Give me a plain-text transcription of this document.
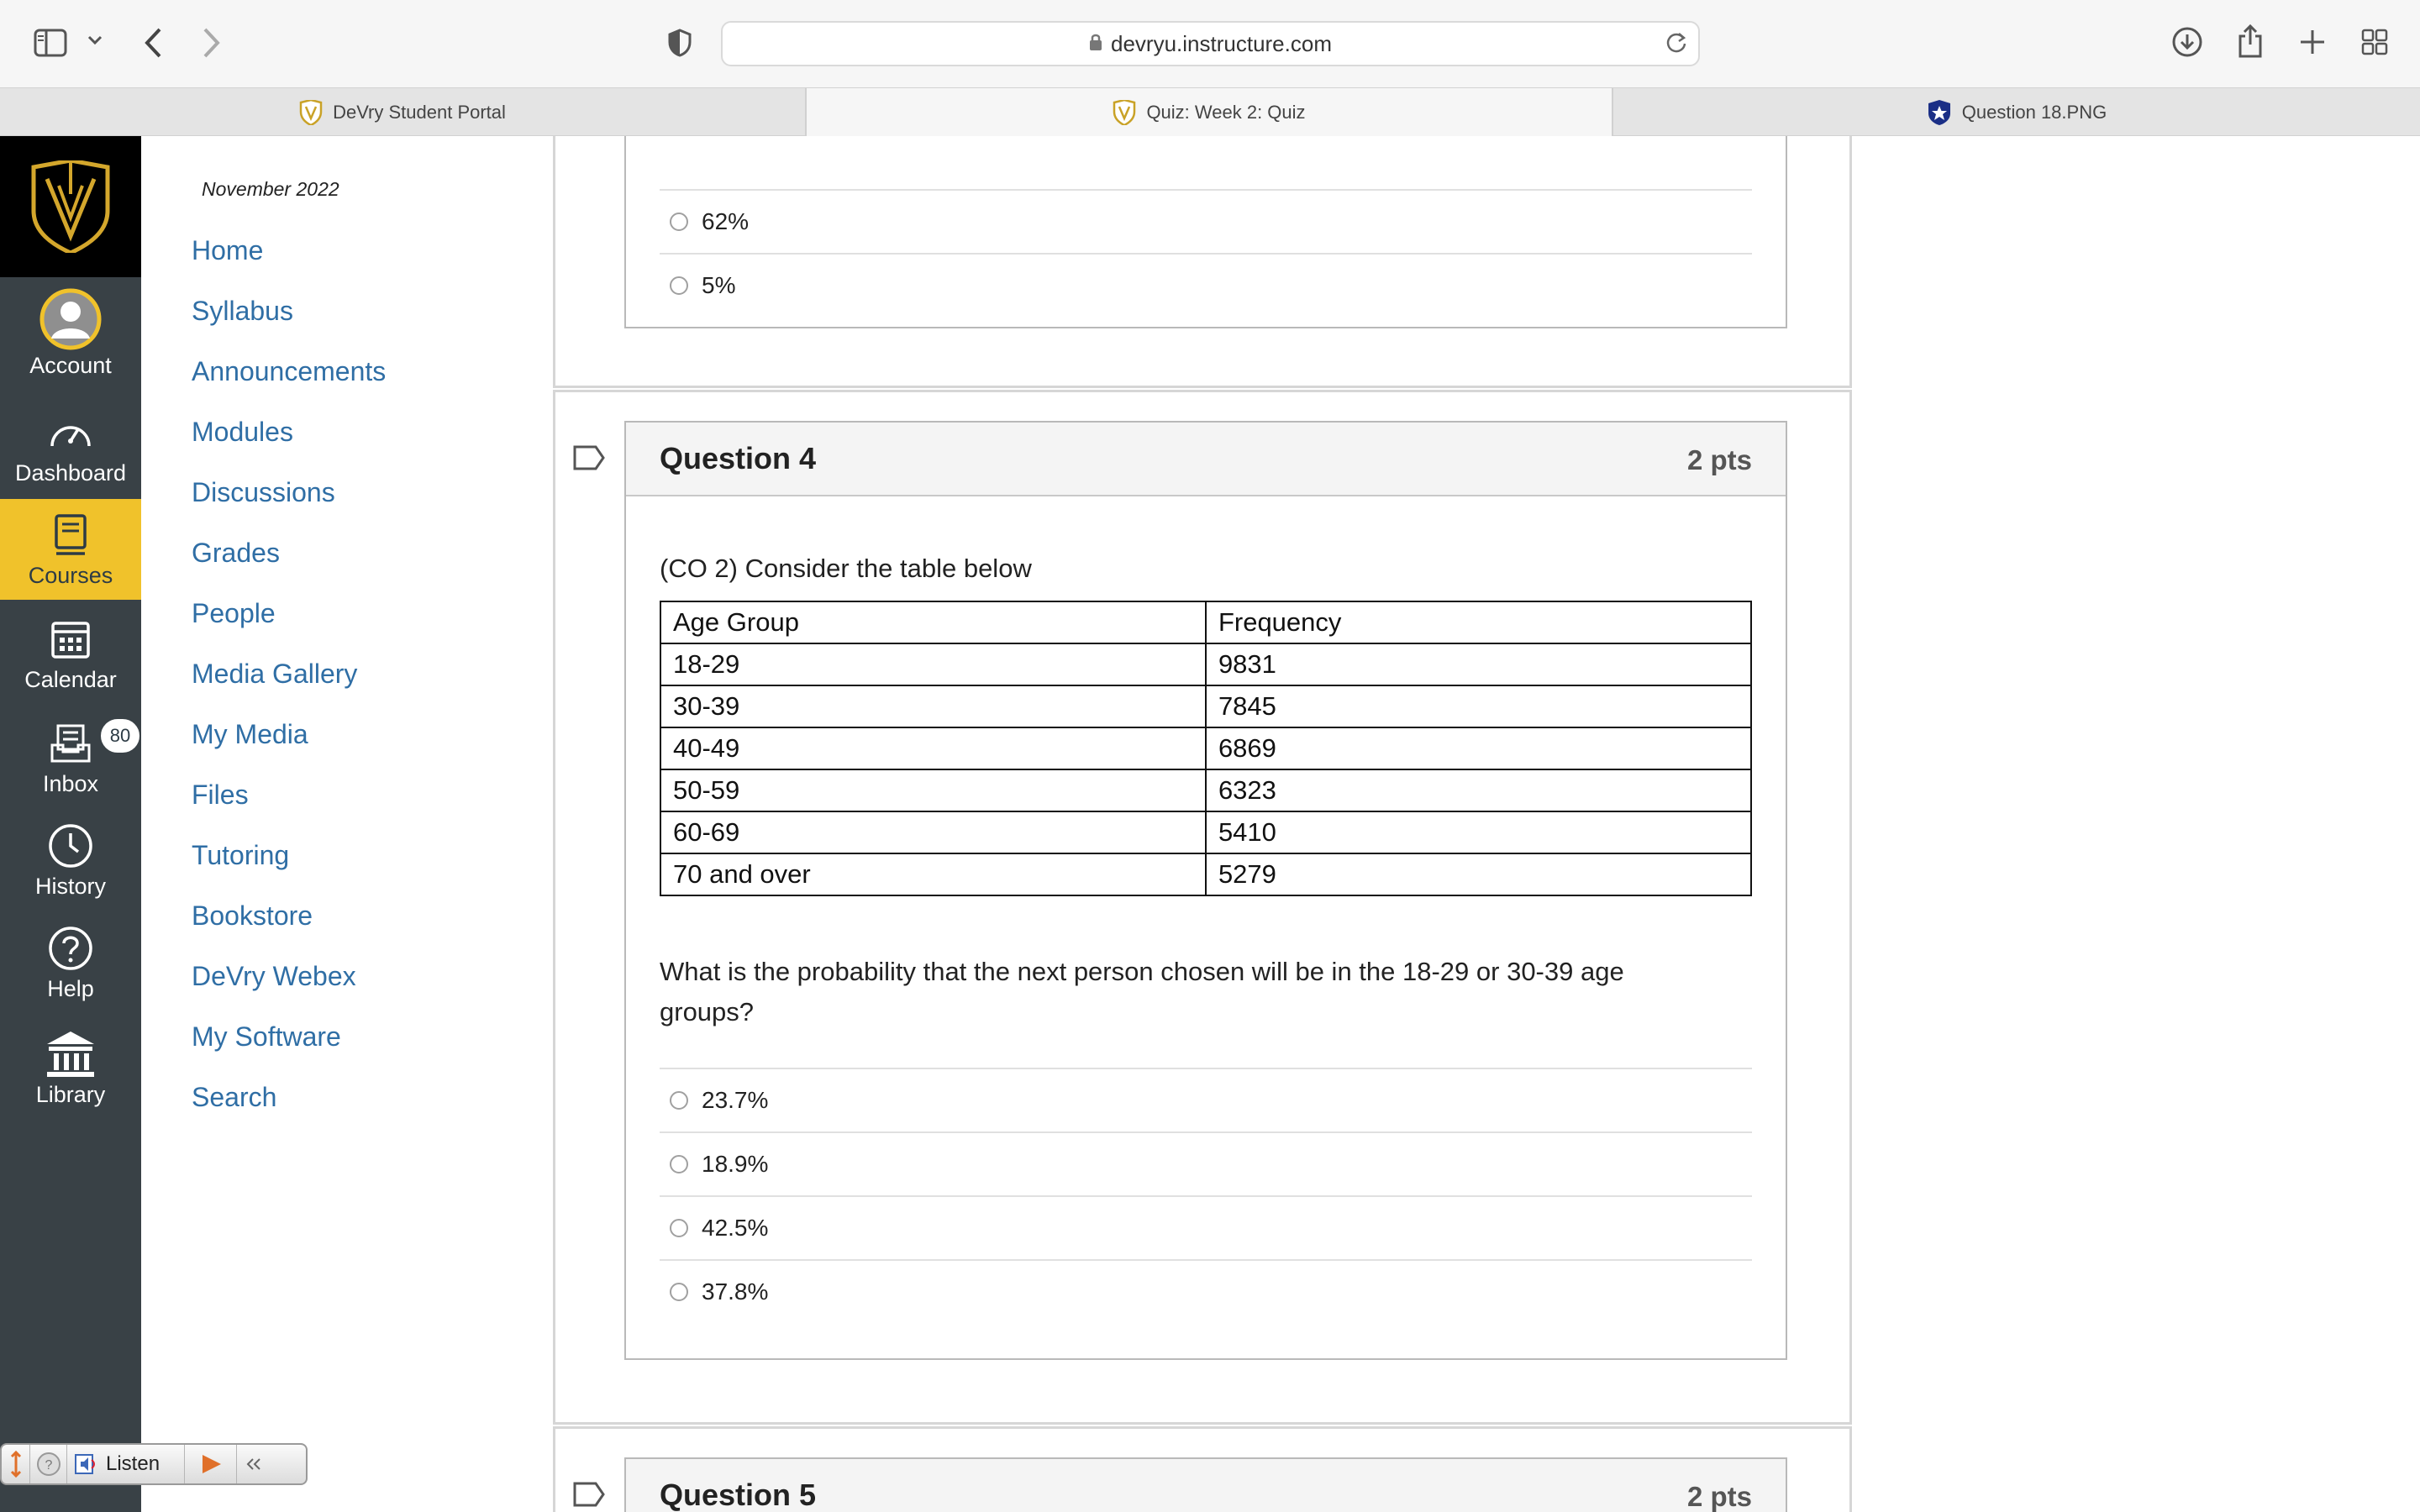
devryu.instructure.com
DeVry Student Portal	Quiz: Week 2: Quiz	Question 18.PNG
Account
Dashboard
Courses
Calendar
80
Inbox
History
Help
Library
November 2022
Home
Syllabus
Announcements
Modules
Discussions
Grades
People
Media Gallery
My Media
Files
Tutoring
Bookstore
DeVry Webex
My Software
Search
62%
5%
Question 4	2 pts
(CO 2) Consider the table below
Age Group	Frequency
18-29	9831
30-39	7845
40-49	6869
50-59	6323
60-69	5410
70 and over	5279
What is the probability that the next person chosen will be in the 18-29 or 30-39 age groups?
23.7%
18.9%
42.5%
37.8%
Question 5	2 pts
?	Listen
